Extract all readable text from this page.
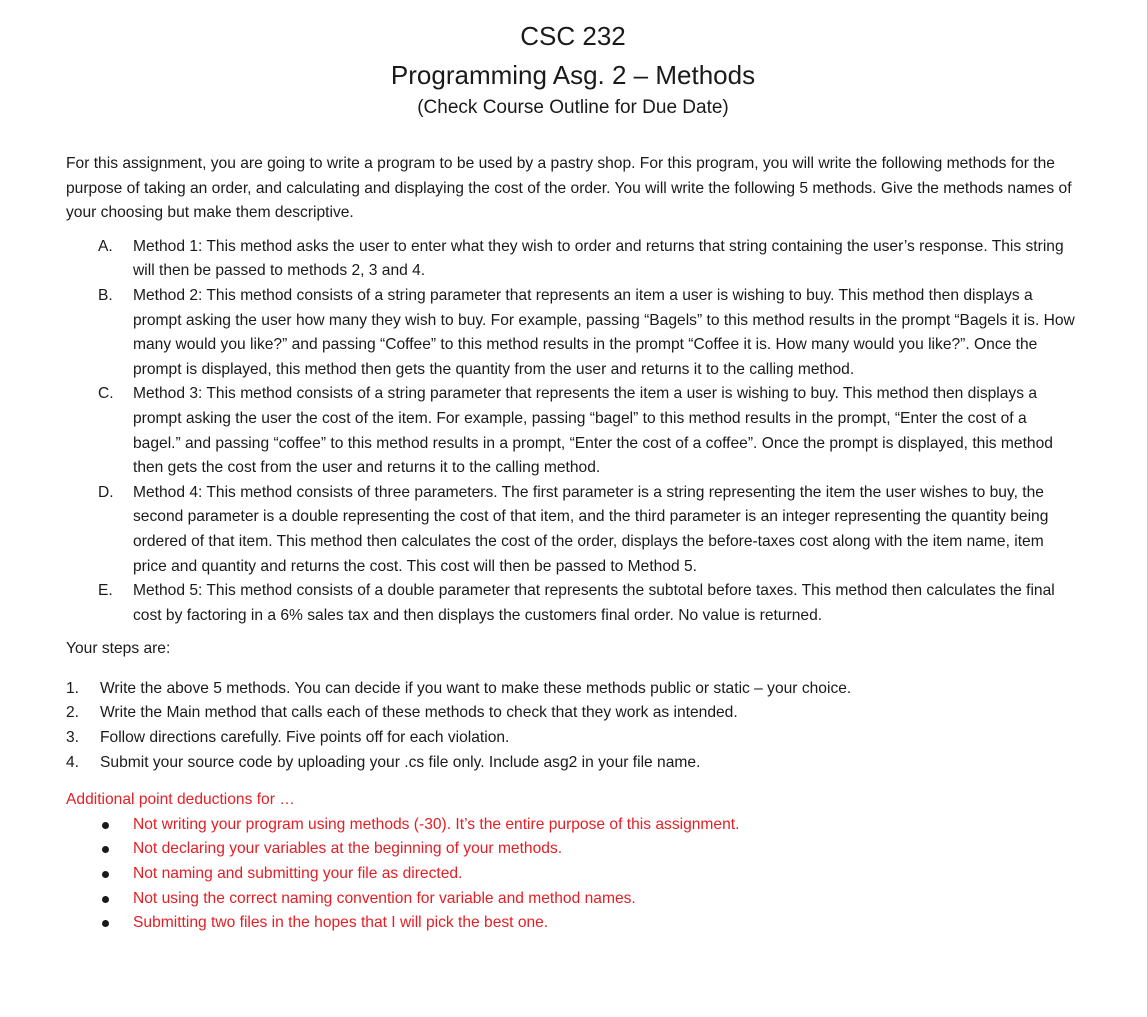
CSC 232

Programming Asg. 2 – Methods

(Check Course Outline for Due Date)

For this assignment, you are going to write a program to be used by a pastry shop. For this program, you will write the following methods for the purpose of taking an order, and calculating and displaying the cost of the order. You will write the following 5 methods. Give the methods names of your choosing but make them descriptive.

A. Method 1: This method asks the user to enter what they wish to order and returns that string containing the user’s response. This string will then be passed to methods 2, 3 and 4.
B. Method 2: This method consists of a string parameter that represents an item a user is wishing to buy. This method then displays a prompt asking the user how many they wish to buy. For example, passing “Bagels” to this method results in the prompt “Bagels it is. How many would you like?” and passing “Coffee” to this method results in the prompt “Coffee it is. How many would you like?”. Once the prompt is displayed, this method then gets the quantity from the user and returns it to the calling method.
C. Method 3: This method consists of a string parameter that represents the item a user is wishing to buy. This method then displays a prompt asking the user the cost of the item. For example, passing “bagel” to this method results in the prompt, “Enter the cost of a bagel.” and passing “coffee” to this method results in a prompt, “Enter the cost of a coffee”. Once the prompt is displayed, this method then gets the cost from the user and returns it to the calling method.
D. Method 4: This method consists of three parameters. The first parameter is a string representing the item the user wishes to buy, the second parameter is a double representing the cost of that item, and the third parameter is an integer representing the quantity being ordered of that item. This method then calculates the cost of the order, displays the before-taxes cost along with the item name, item price and quantity and returns the cost. This cost will then be passed to Method 5.
E. Method 5: This method consists of a double parameter that represents the subtotal before taxes. This method then calculates the final cost by factoring in a 6% sales tax and then displays the customers final order. No value is returned.

Your steps are:

1. Write the above 5 methods. You can decide if you want to make these methods public or static – your choice.
2. Write the Main method that calls each of these methods to check that they work as intended.
3. Follow directions carefully. Five points off for each violation.
4. Submit your source code by uploading your .cs file only. Include asg2 in your file name.

Additional point deductions for …

Not writing your program using methods (-30). It’s the entire purpose of this assignment.
Not declaring your variables at the beginning of your methods.
Not naming and submitting your file as directed.
Not using the correct naming convention for variable and method names.
Submitting two files in the hopes that I will pick the best one.
